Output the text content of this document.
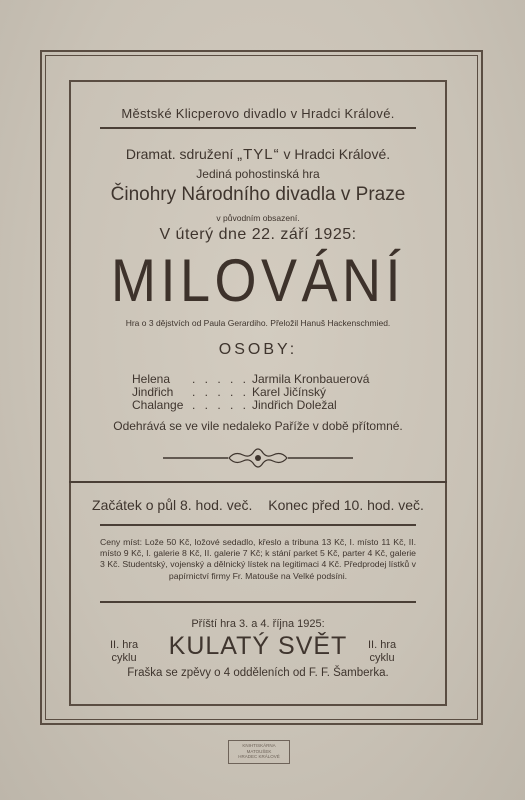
Městské Klicperovo divadlo v Hradci Králové.
Dramat. sdružení „TYL“ v Hradci Králové.
Jediná pohostinská hra
Činohry Národního divadla v Praze
v původním obsazení.
V úterý dne 22. září 1925:
MILOVÁNÍ
Hra o 3 dějstvích od Paula Gerardiho. Přeložil Hanuš Hackenschmied.
OSOBY:
Helena . . . . . Jarmila Kronbauerová
Jindřich . . . . . Karel Jičínský
Chalange . . . . . Jindřich Doležal
Odehrává se ve vile nedaleko Paříže v době přítomné.
Začátek o půl 8. hod. več. Konec před 10. hod. več.
Ceny míst: Lože 50 Kč, ložové sedadlo, křeslo a tribuna 13 Kč, I. místo 11 Kč, II. místo 9 Kč, I. galerie 8 Kč, II. galerie 7 Kč; k stání parket 5 Kč, parter 4 Kč, galerie 3 Kč. Studentský, vojenský a dělnický lístek na legitimaci 4 Kč. Předprodej lístků v papírnictví firmy Fr. Matouše na Velké podsíni.
Příští hra 3. a 4. října 1925:
II. hra
cyklu	KULATÝ SVĚT	II. hra
cyklu
Fraška se zpěvy o 4 odděleních od F. F. Šamberka.
KNIHTISKÁRNA
MATOUŠEK
HRADEC KRÁLOVÉ
